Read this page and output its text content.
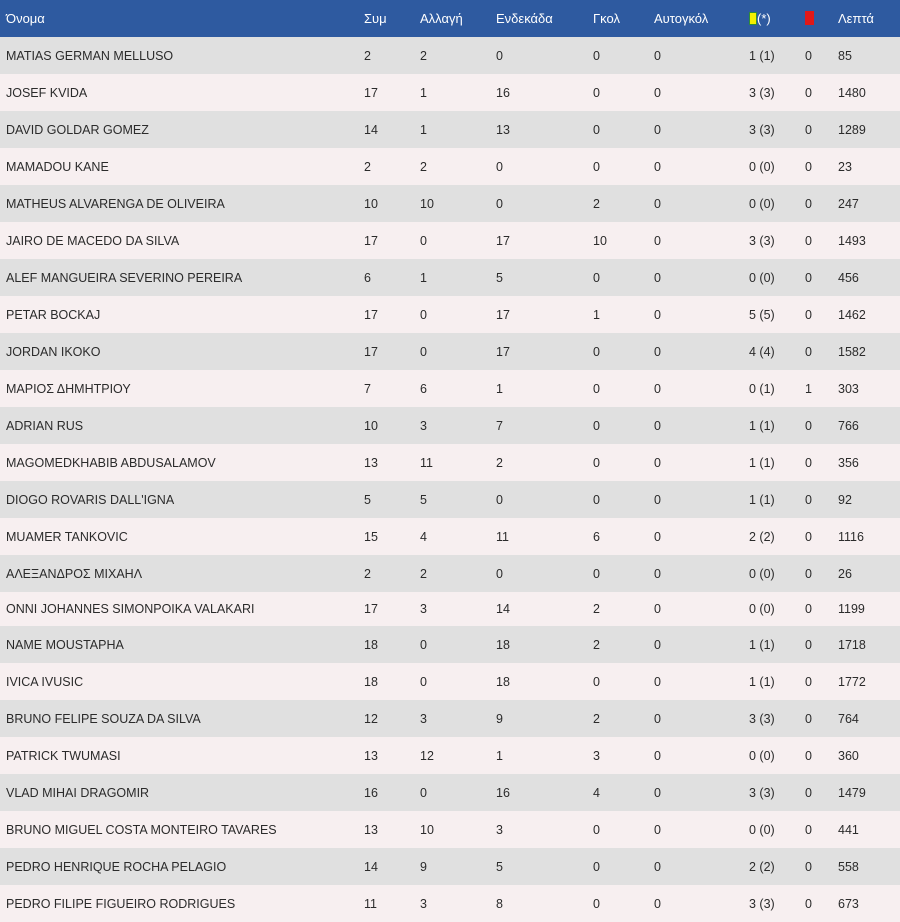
Όνομα	Συμ	Αλλαγή	Ενδεκάδα	Γκολ	Αυτογκόλ	(*)		Λεπτά
MATIAS GERMAN MELLUSO	2	2	0	0	0	1 (1)	0	85
JOSEF KVIDA	17	1	16	0	0	3 (3)	0	1480
DAVID GOLDAR GOMEZ	14	1	13	0	0	3 (3)	0	1289
MAMADOU KANE	2	2	0	0	0	0 (0)	0	23
MATHEUS ALVARENGA DE OLIVEIRA	10	10	0	2	0	0 (0)	0	247
JAIRO DE MACEDO DA SILVA	17	0	17	10	0	3 (3)	0	1493
ALEF MANGUEIRA SEVERINO PEREIRA	6	1	5	0	0	0 (0)	0	456
PETAR BOCKAJ	17	0	17	1	0	5 (5)	0	1462
JORDAN IKOKO	17	0	17	0	0	4 (4)	0	1582
ΜΑΡΙΟΣ ΔΗΜΗΤΡΙΟΥ	7	6	1	0	0	0 (1)	1	303
ADRIAN RUS	10	3	7	0	0	1 (1)	0	766
MAGOMEDKHABIB ABDUSALAMOV	13	11	2	0	0	1 (1)	0	356
DIOGO ROVARIS DALL'IGNA	5	5	0	0	0	1 (1)	0	92
MUAMER TANKOVIC	15	4	11	6	0	2 (2)	0	1116
ΑΛΕΞΑΝΔΡΟΣ ΜΙΧΑΗΛ	2	2	0	0	0	0 (0)	0	26
ONNI JOHANNES SIMONPOIKA VALAKARI	17	3	14	2	0	0 (0)	0	1199
NAME MOUSTAPHA	18	0	18	2	0	1 (1)	0	1718
IVICA IVUSIC	18	0	18	0	0	1 (1)	0	1772
BRUNO FELIPE SOUZA DA SILVA	12	3	9	2	0	3 (3)	0	764
PATRICK TWUMASI	13	12	1	3	0	0 (0)	0	360
VLAD MIHAI DRAGOMIR	16	0	16	4	0	3 (3)	0	1479
BRUNO MIGUEL COSTA MONTEIRO TAVARES	13	10	3	0	0	0 (0)	0	441
PEDRO HENRIQUE ROCHA PELAGIO	14	9	5	0	0	2 (2)	0	558
PEDRO FILIPE FIGUEIRO RODRIGUES	11	3	8	0	0	3 (3)	0	673
